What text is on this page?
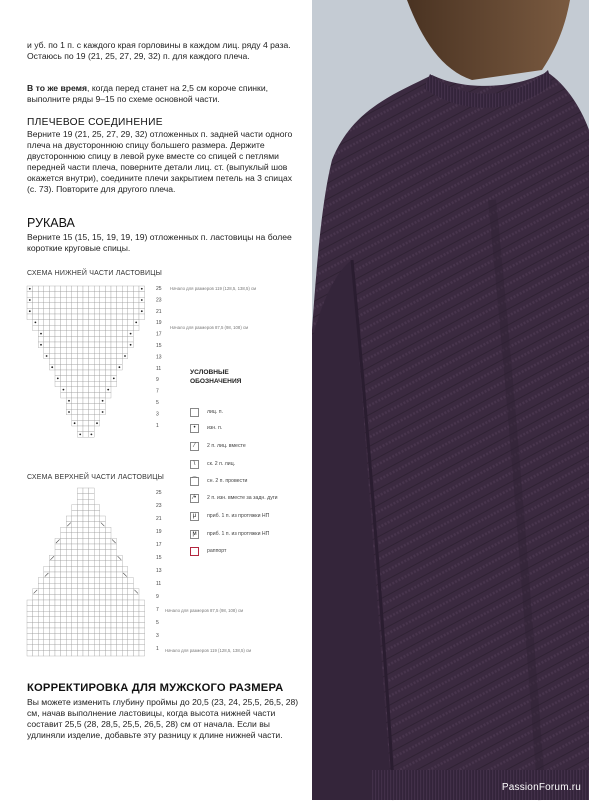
и уб. по 1 п. с каждого края горловины в каждом лиц. ряду 4 раза. Остаюсь по 19 (21, 25, 27, 29, 32) п. для каждого плеча.

В то же время, когда перед станет на 2,5 см короче спинки, выполните ряды 9–15 по схеме основной части.

ПЛЕЧЕВОЕ СОЕДИНЕНИЕ

Верните 19 (21, 25, 27, 29, 32) отложенных п. задней части одного плеча на двустороннюю спицу большего размера. Держите двустороннюю спицу в левой руке вместе со спицей с петлями передней части плеча, поверните детали лиц. ст. (выпуклый шов окажется внутри), соедините плечи закрытием петель на 3 спицах (с. 73). Повторите для другого плеча.

РУКАВА

Верните 15 (15, 15, 19, 19, 19) отложенных п. ластовицы на более короткие круговые спицы.

СХЕМА НИЖНЕЙ ЧАСТИ ЛАСТОВИЦЫ
25
23
21
19
17
15
13
11
9
7
5
3
1
Начало для размеров 119 (128,5, 138,5) см
Начало для размеров 87,5 (98, 108) см
УСЛОВНЫЕ
ОБОЗНАЧЕНИЯ
лиц. п.
•	изн. п.
⁄	2 п. лиц. вместе
\	ск. 2 п. лиц.
⌒ сн. 2 п. провести
⁄•	2 п. изн. вместе за задн. дуги
μ	приб. 1 п. из протяжки НП
ϻ	приб. 1 п. из протяжки НП
раппорт
СХЕМА ВЕРХНЕЙ ЧАСТИ ЛАСТОВИЦЫ
25
23
21
19
17
15
13
11
9
7
5
3
1
Начало для размеров 87,5 (98, 108) см
Начало для размеров 119 (128,5, 138,5) см
КОРРЕКТИРОВКА ДЛЯ МУЖСКОГО РАЗМЕРА

Вы можете изменить глубину проймы до 20,5 (23, 24, 25,5, 26,5, 28) см, начав выполнение ластовицы, когда высота нижней части составит 25,5 (28, 28,5, 25,5, 26,5, 28) см от начала. Если вы удлиняли изделие, добавьте эту разницу к длине нижней части.

PassionForum.ru
